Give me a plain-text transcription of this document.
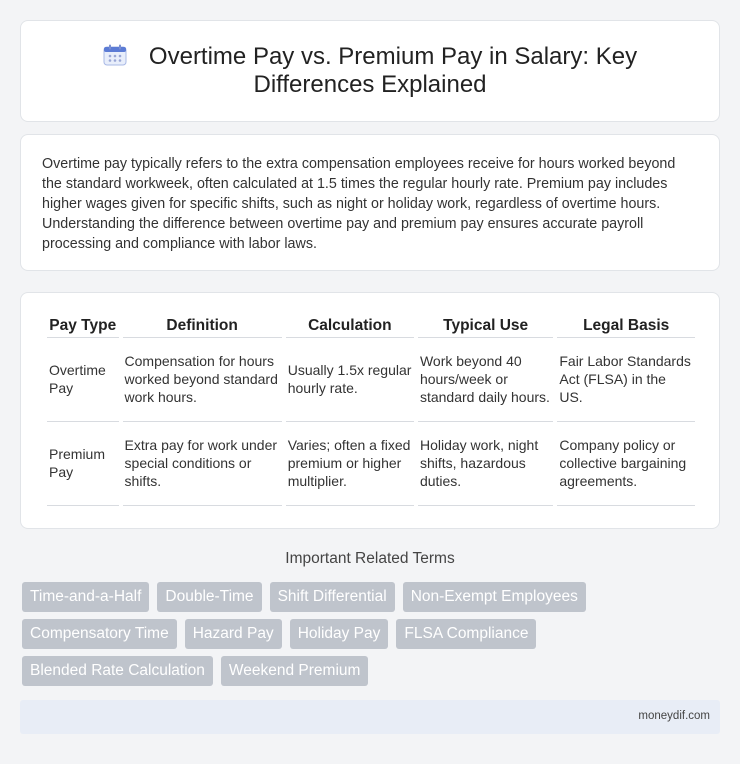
Overtime Pay vs. Premium Pay in Salary: Key Differences Explained

Overtime pay typically refers to the extra compensation employees receive for hours worked beyond the standard workweek, often calculated at 1.5 times the regular hourly rate. Premium pay includes higher wages given for specific shifts, such as night or holiday work, regardless of overtime hours. Understanding the difference between overtime pay and premium pay ensures accurate payroll processing and compliance with labor laws.

Pay Type	Definition	Calculation	Typical Use	Legal Basis
Overtime Pay	Compensation for hours worked beyond standard work hours.	Usually 1.5x regular hourly rate.	Work beyond 40 hours/week or standard daily hours.	Fair Labor Standards Act (FLSA) in the US.
Premium Pay	Extra pay for work under special conditions or shifts.	Varies; often a fixed premium or higher multiplier.	Holiday work, night shifts, hazardous duties.	Company policy or collective bargaining agreements.
Important Related Terms
Time-and-a-Half	Double-Time	Shift Differential	Non-Exempt Employees
Compensatory Time	Hazard Pay	Holiday Pay	FLSA Compliance
Blended Rate Calculation	Weekend Premium
moneydif.com
